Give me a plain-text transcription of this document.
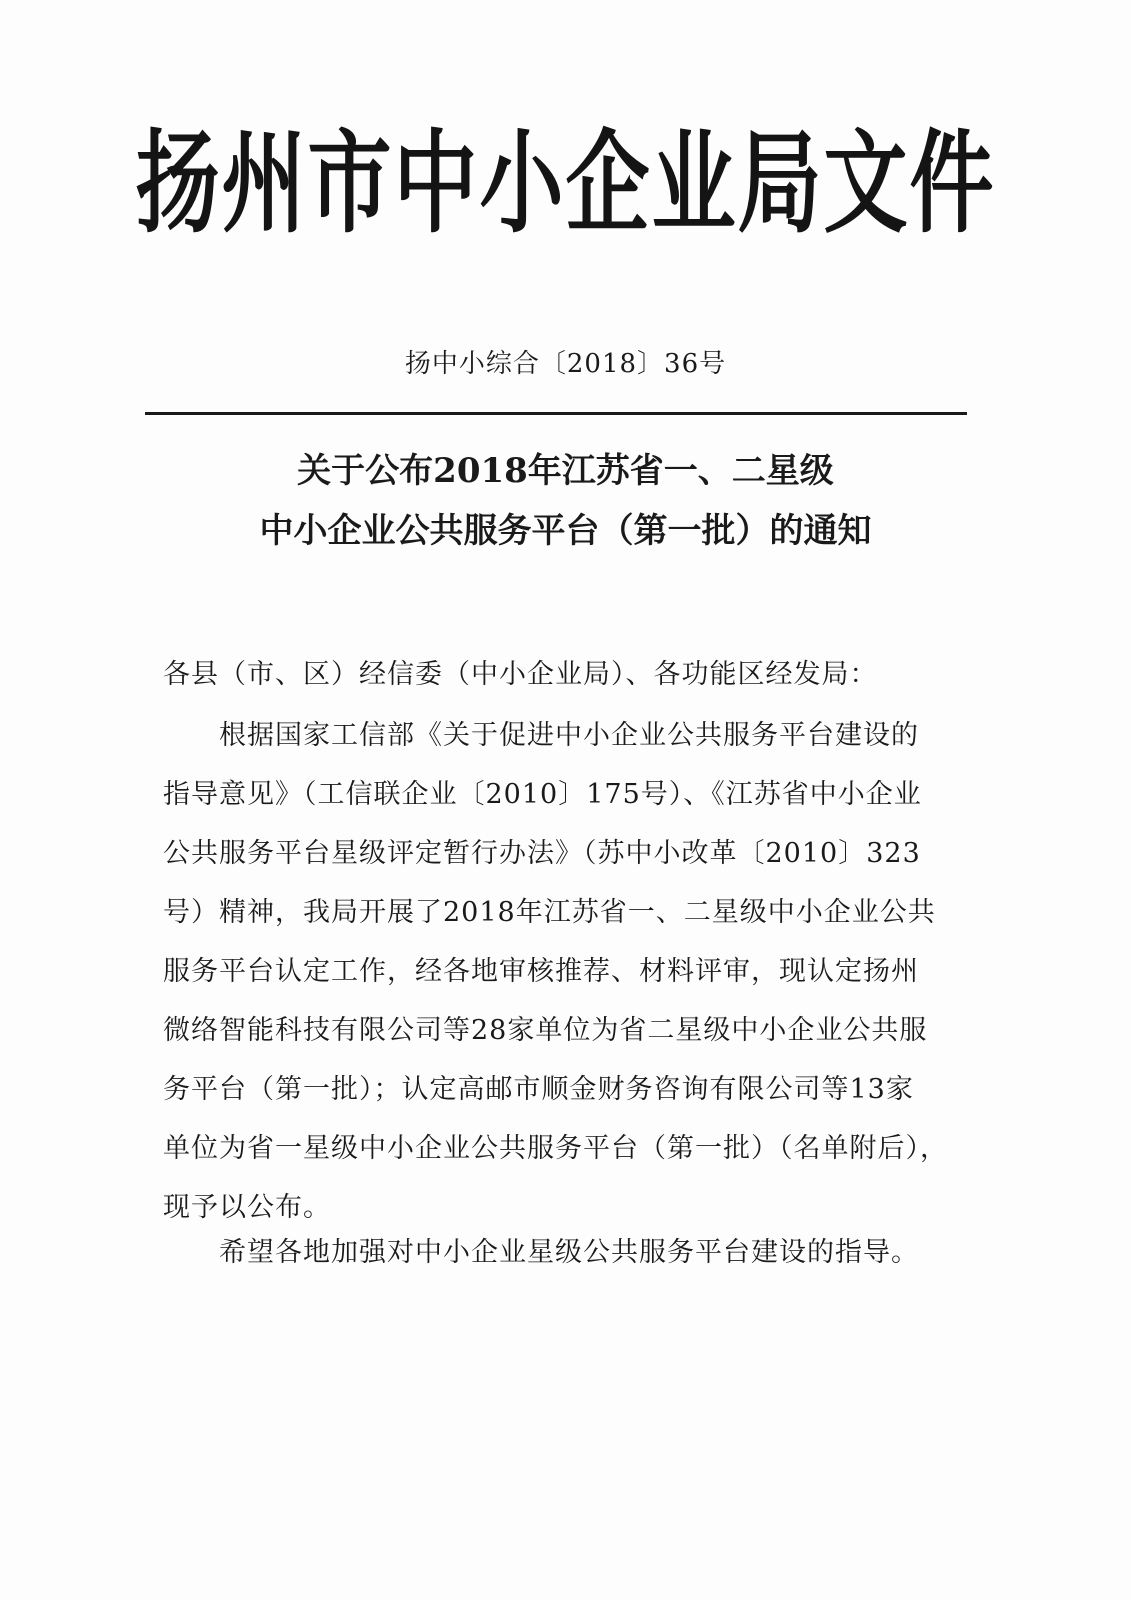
扬州市中小企业局文件
扬中小综合〔2018〕36号
关于公布2018年江苏省一、二星级
中小企业公共服务平台（第一批）的通知
各县（市、区）经信委（中小企业局）、各功能区经发局：
根据国家工信部《关于促进中小企业公共服务平台建设的
指导意见》（工信联企业〔2010〕175号）、《江苏省中小企业
公共服务平台星级评定暂行办法》（苏中小改革〔2010〕323
号）精神，我局开展了2018年江苏省一、二星级中小企业公共
服务平台认定工作，经各地审核推荐、材料评审，现认定扬州
微络智能科技有限公司等28家单位为省二星级中小企业公共服
务平台（第一批）；认定高邮市顺金财务咨询有限公司等13家
单位为省一星级中小企业公共服务平台（第一批）（名单附后），
现予以公布。
希望各地加强对中小企业星级公共服务平台建设的指导。
